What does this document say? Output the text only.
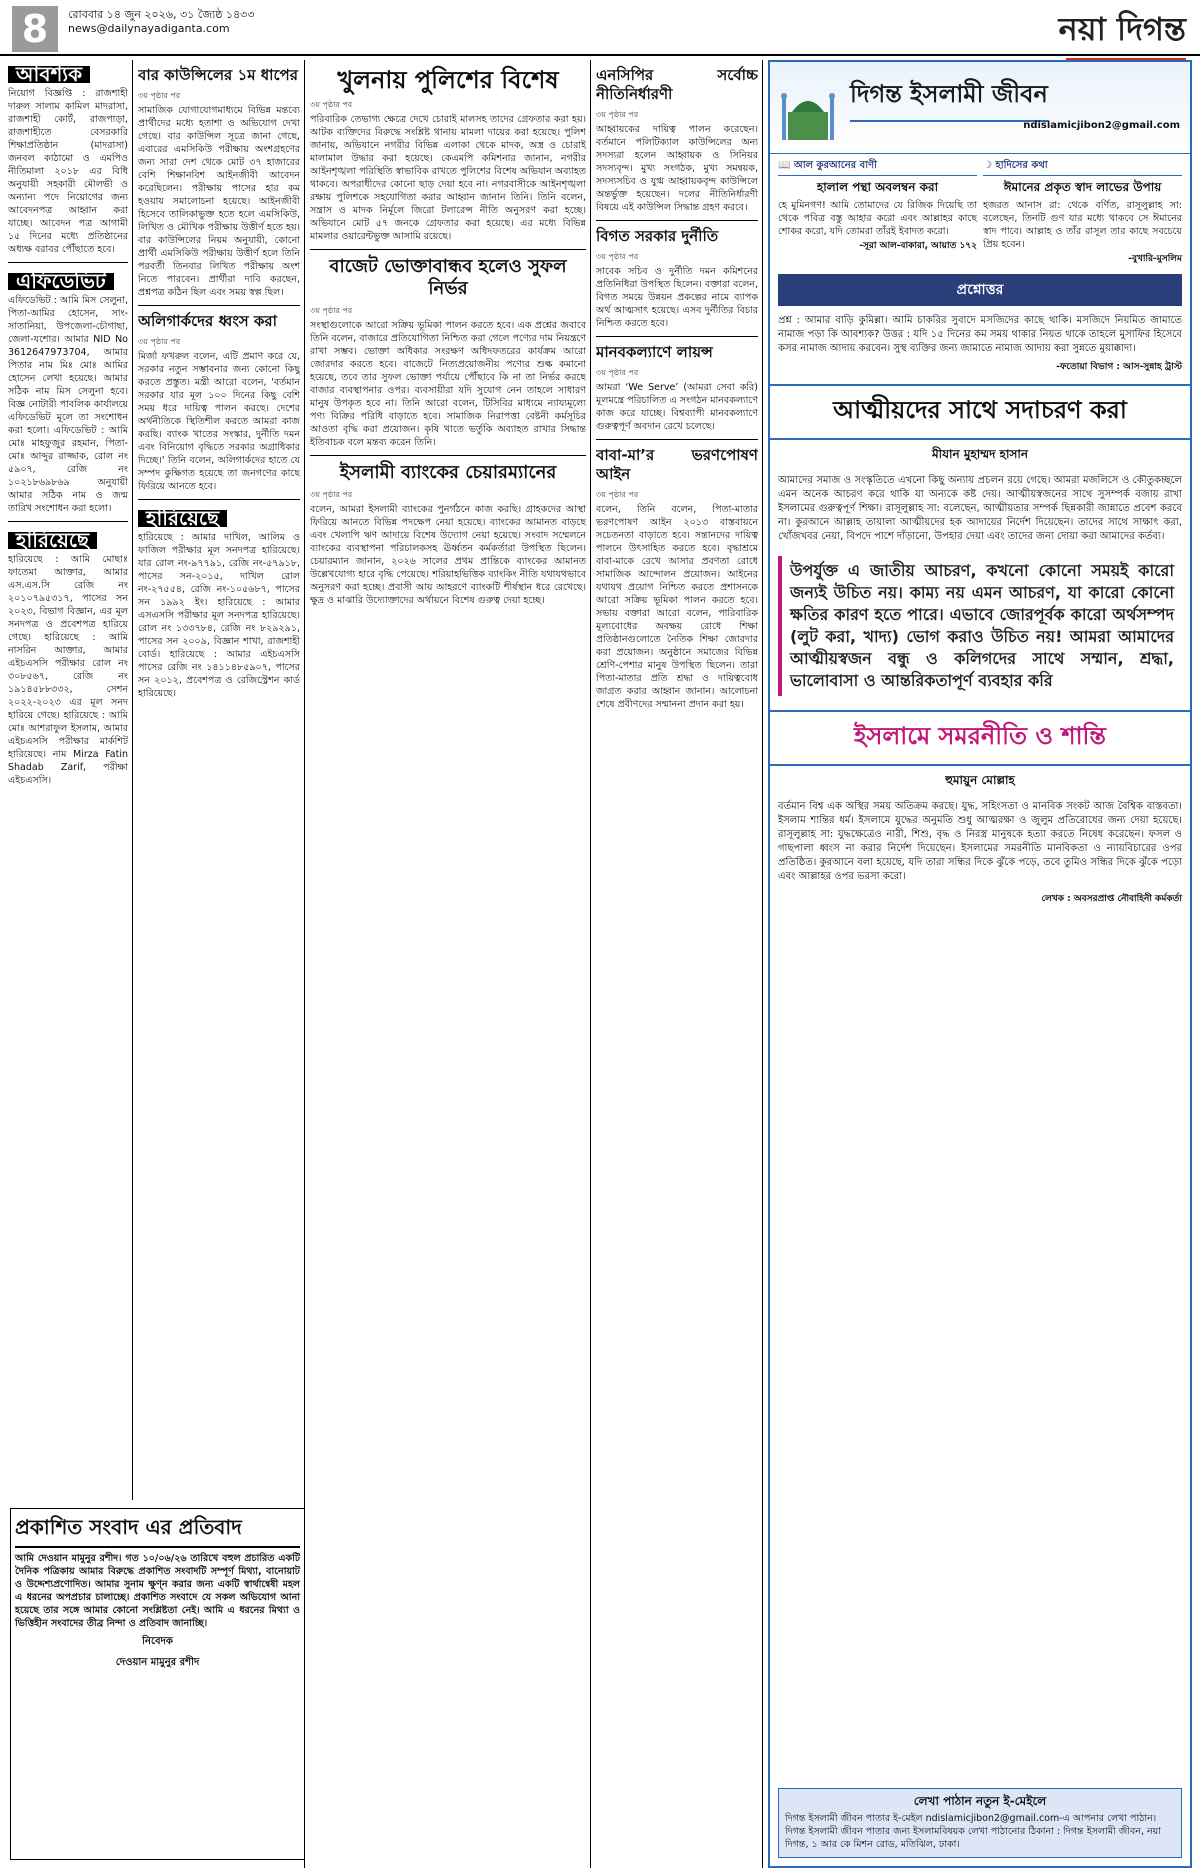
8	রোববার ১৪ জুন ২০২৬, ৩১ জ্যৈষ্ঠ ১৪৩৩
news@dailynayadiganta.com	নয়া দিগন্ত
আবশ্যক

নিয়োগ বিজ্ঞপ্তি : রাজশাহী দারুল সালাম কামিল মাদরাসা, রাজশাহী কোর্ট, রাজপাড়া, রাজশাহীতে বেসরকারি শিক্ষাপ্রতিষ্ঠান (মাদরাসা) জনবল কাঠামো ও এমপিও নীতিমালা ২০১৮ এর বিধি অনুযায়ী সহকারী মৌলভী ও অন্যান্য পদে নিয়োগের জন্য আবেদনপত্র আহ্বান করা যাচ্ছে। আবেদন পত্র আগামী ১৫ দিনের মধ্যে প্রতিষ্ঠানের অধ্যক্ষ বরাবর পৌঁছাতে হবে।

এফিডেভিট

এফিডেভিট : আমি মিস সেলুনা, পিতা-আমির হোসেন, সাং-সাতানিয়া, উপজেলা-চৌগাছা, জেলা-যশোর। আমার NID No 3612647973704, আমার পিতার নাম মিঃ মোঃ আমির হোসেন লেখা হয়েছে। আমার সঠিক নাম মিস সেলুনা হবে। বিজ্ঞ নোটারী পাবলিক কার্যালয়ে এফিডেভিট মূলে তা সংশোধন করা হলো। এফিডেভিট : আমি মোঃ মাহফুজুর রহমান, পিতা-মোঃ আব্দুর রাজ্জাক, রোল নং ৫৯০৭, রেজি নং ১০২১৮৬৯৮৬৯ অনুযায়ী আমার সঠিক নাম ও জন্ম তারিখ সংশোধন করা হলো।

হারিয়েছে

হারিয়েছে : আমি মোছাঃ ফাতেমা আক্তার, আমার এস.এস.সি রেজি নং ২০১০৭৯৫৩১৭, পাসের সন ২০২৩, বিভাগ বিজ্ঞান, এর মূল সনদপত্র ও প্রবেশপত্র হারিয়ে গেছে। হারিয়েছে : আমি নাসরিন আক্তার, আমার এইচএসসি পরীক্ষার রোল নং ৩০৮৫৬৭, রেজি নং ১৯১৪৫৮৮৩৩২, সেশন ২০২২-২০২৩ এর মূল সনদ হারিয়ে গেছে। হারিয়েছে : আমি মোঃ আশরাফুল ইসলাম, আমার এইচএসসি পরীক্ষার মার্কশিট হারিয়েছে। নাম Mirza Fatin Shadab Zarif, পরীক্ষা এইচএসসি।

বার কাউন্সিলের ১ম ধাপের
৩য় পৃষ্ঠার পর

সামাজিক যোগাযোগমাধ্যমে বিভিন্ন মন্তব্যে প্রার্থীদের মধ্যে হতাশা ও অভিযোগ দেখা গেছে। বার কাউন্সিল সূত্রে জানা গেছে, এবারের এমসিকিউ পরীক্ষায় অংশগ্রহণের জন্য সারা দেশ থেকে মোট ৩৭ হাজারের বেশি শিক্ষানবিশ আইনজীবী আবেদন করেছিলেন। পরীক্ষায় পাসের হার কম হওয়ায় সমালোচনা হয়েছে। আইনজীবী হিসেবে তালিকাভুক্ত হতে হলে এমসিকিউ, লিখিত ও মৌখিক পরীক্ষায় উত্তীর্ণ হতে হয়। বার কাউন্সিলের নিয়ম অনুযায়ী, কোনো প্রার্থী এমসিকিউ পরীক্ষায় উত্তীর্ণ হলে তিনি পরবর্তী তিনবার লিখিত পরীক্ষায় অংশ নিতে পারবেন। প্রার্থীরা দাবি করছেন, প্রশ্নপত্র কঠিন ছিল এবং সময় স্বল্প ছিল।

অলিগার্কদের ধ্বংস করা
৩য় পৃষ্ঠার পর

মির্জা ফখরুল বলেন, এটি প্রমাণ করে যে, সরকার নতুন সম্ভাবনার জন্য কোনো কিছু করতে প্রস্তুত। মন্ত্রী আরো বলেন, 'বর্তমান সরকার যার মূল ১০০ দিনের কিছু বেশি সময় ধরে দায়িত্ব পালন করছে। দেশের অর্থনীতিকে স্থিতিশীল করতে আমরা কাজ করছি। ব্যাংক খাতের সংস্কার, দুর্নীতি দমন এবং বিনিয়োগ বৃদ্ধিতে সরকার অগ্রাধিকার দিচ্ছে।' তিনি বলেন, অলিগার্কদের হাতে যে সম্পদ কুক্ষিগত হয়েছে তা জনগণের কাছে ফিরিয়ে আনতে হবে।

হারিয়েছে

হারিয়েছে : আমার দাখিল, আলিম ও ফাজিল পরীক্ষার মূল সনদপত্র হারিয়েছে। যার রোল নং-৯৭৭৯১, রেজি নং-৫৭৯১৮, পাসের সন-২০১৫, দাখিল রোল নং-২৭৫৫৪, রেজি নং-১০৫৬৮৭, পাসের সন ১৯৯২ ইং। হারিয়েছে : আমার এসএসসি পরীক্ষার মূল সনদপত্র হারিয়েছে। রোল নং ১৩৩৭৮৪, রেজি নং ৮২৯২৯১, পাসের সন ২০০৯, বিজ্ঞান শাখা, রাজশাহী বোর্ড। হারিয়েছে : আমার এইচএসসি পাসের রেজি নং ১৪১১৪৮৫৯০৭, পাসের সন ২০১২, প্রবেশপত্র ও রেজিস্ট্রেশন কার্ড হারিয়েছে।

প্রকাশিত সংবাদ এর প্রতিবাদ
আমি দেওয়ান মামুনুর রশীদ। গত ১০/০৬/২৬ তারিখে বহুল প্রচারিত একটি দৈনিক পত্রিকায় আমার বিরুদ্ধে প্রকাশিত সংবাদটি সম্পূর্ণ মিথ্যা, বানোয়াট ও উদ্দেশ্যপ্রণোদিত। আমার সুনাম ক্ষুণ্ন করার জন্য একটি স্বার্থান্বেষী মহল এ ধরনের অপপ্রচার চালাচ্ছে। প্রকাশিত সংবাদে যে সকল অভিযোগ আনা হয়েছে তার সঙ্গে আমার কোনো সংশ্লিষ্টতা নেই। আমি এ ধরনের মিথ্যা ও ভিত্তিহীন সংবাদের তীব্র নিন্দা ও প্রতিবাদ জানাচ্ছি।
নিবেদক
দেওয়ান মামুনুর রশীদ
খুলনায় পুলিশের বিশেষ
৩য় পৃষ্ঠার পর

পরিবারিক তেভাগ্য ক্ষেত্রে দেখে চোরাই মালসহ তাদের গ্রেফতার করা হয়। আটক ব্যক্তিদের বিরুদ্ধে সংশ্লিষ্ট থানায় মামলা দায়ের করা হয়েছে। পুলিশ জানায়, অভিযানে নগরীর বিভিন্ন এলাকা থেকে মাদক, অস্ত্র ও চোরাই মালামাল উদ্ধার করা হয়েছে। কেএমপি কমিশনার জানান, নগরীর আইনশৃঙ্খলা পরিস্থিতি স্বাভাবিক রাখতে পুলিশের বিশেষ অভিযান অব্যাহত থাকবে। অপরাধীদের কোনো ছাড় দেয়া হবে না। নগরবাসীকে আইনশৃঙ্খলা রক্ষায় পুলিশকে সহযোগিতা করার আহ্বান জানান তিনি। তিনি বলেন, সন্ত্রাস ও মাদক নির্মূলে জিরো টলারেন্স নীতি অনুসরণ করা হচ্ছে। অভিযানে মোট ৫৭ জনকে গ্রেফতার করা হয়েছে। এর মধ্যে বিভিন্ন মামলার ওয়ারেন্টভুক্ত আসামি রয়েছে।

বাজেট ভোক্তাবান্ধব হলেও সুফল নির্ভর
৩য় পৃষ্ঠার পর

সংস্থাগুলোকে আরো সক্রিয় ভূমিকা পালন করতে হবে। এক প্রশ্নের জবাবে তিনি বলেন, বাজারে প্রতিযোগিতা নিশ্চিত করা গেলে পণ্যের দাম নিয়ন্ত্রণে রাখা সম্ভব। ভোক্তা অধিকার সংরক্ষণ অধিদফতরের কার্যক্রম আরো জোরদার করতে হবে। বাজেটে নিত্যপ্রয়োজনীয় পণ্যের শুল্ক কমানো হয়েছে, তবে তার সুফল ভোক্তা পর্যায়ে পৌঁছাবে কি না তা নির্ভর করছে বাজার ব্যবস্থাপনার ওপর। ব্যবসায়ীরা যদি সুযোগ নেন তাহলে সাধারণ মানুষ উপকৃত হবে না। তিনি আরো বলেন, টিসিবির মাধ্যমে ন্যায্যমূল্যে পণ্য বিক্রির পরিধি বাড়াতে হবে। সামাজিক নিরাপত্তা বেষ্টনী কর্মসূচির আওতা বৃদ্ধি করা প্রয়োজন। কৃষি খাতে ভর্তুকি অব্যাহত রাখার সিদ্ধান্ত ইতিবাচক বলে মন্তব্য করেন তিনি।

ইসলামী ব্যাংকের চেয়ারম্যানের
৩য় পৃষ্ঠার পর

বলেন, আমরা ইসলামী ব্যাংকের পুনর্গঠনে কাজ করছি। গ্রাহকদের আস্থা ফিরিয়ে আনতে বিভিন্ন পদক্ষেপ নেয়া হয়েছে। ব্যাংকের আমানত বাড়ছে এবং খেলাপি ঋণ আদায়ে বিশেষ উদ্যোগ নেয়া হয়েছে। সংবাদ সম্মেলনে ব্যাংকের ব্যবস্থাপনা পরিচালকসহ ঊর্ধ্বতন কর্মকর্তারা উপস্থিত ছিলেন। চেয়ারম্যান জানান, ২০২৬ সালের প্রথম প্রান্তিকে ব্যাংকের আমানত উল্লেখযোগ্য হারে বৃদ্ধি পেয়েছে। শরিয়াহভিত্তিক ব্যাংকিং নীতি যথাযথভাবে অনুসরণ করা হচ্ছে। প্রবাসী আয় আহরণে ব্যাংকটি শীর্ষস্থান ধরে রেখেছে। ক্ষুদ্র ও মাঝারি উদ্যোক্তাদের অর্থায়নে বিশেষ গুরুত্ব দেয়া হচ্ছে।

এনসিপির সর্বোচ্চ নীতিনির্ধারণী
৩য় পৃষ্ঠার পর

আহ্বায়কের দায়িত্ব পালন করেছেন। বর্তমানে পলিটিক্যাল কাউন্সিলের অন্য সদস্যরা হলেন আহ্বায়ক ও সিনিয়র সদস্যবৃন্দ। মুখ্য সংগঠক, মুখ্য সমন্বয়ক, সদস্যসচিব ও যুগ্ম আহ্বায়কবৃন্দ কাউন্সিলে অন্তর্ভুক্ত হয়েছেন। দলের নীতিনির্ধারণী বিষয়ে এই কাউন্সিল সিদ্ধান্ত গ্রহণ করবে।

বিগত সরকার দুর্নীতি
৩য় পৃষ্ঠার পর

সাবেক সচিব ও দুর্নীতি দমন কমিশনের প্রতিনিধিরা উপস্থিত ছিলেন। বক্তারা বলেন, বিগত সময়ে উন্নয়ন প্রকল্পের নামে ব্যাপক অর্থ আত্মসাৎ হয়েছে। এসব দুর্নীতির বিচার নিশ্চিত করতে হবে।

মানবকল্যাণে লায়ন্স
৩য় পৃষ্ঠার পর

আমরা ‘We Serve’ (আমরা সেবা করি) মূলমন্ত্রে পরিচালিত এ সংগঠন মানবকল্যাণে কাজ করে যাচ্ছে। বিশ্বব্যাপী মানবকল্যাণে গুরুত্বপূর্ণ অবদান রেখে চলেছে।

বাবা-মা’র ভরণপোষণ আইন
৩য় পৃষ্ঠার পর

বলেন, তিনি বলেন, পিতা-মাতার ভরণপোষণ আইন ২০১৩ বাস্তবায়নে সচেতনতা বাড়াতে হবে। সন্তানদের দায়িত্ব পালনে উৎসাহিত করতে হবে। বৃদ্ধাশ্রমে বাবা-মাকে রেখে আসার প্রবণতা রোধে সামাজিক আন্দোলন প্রয়োজন। আইনের যথাযথ প্রয়োগ নিশ্চিত করতে প্রশাসনকে আরো সক্রিয় ভূমিকা পালন করতে হবে। সভায় বক্তারা আরো বলেন, পারিবারিক মূল্যবোধের অবক্ষয় রোধে শিক্ষা প্রতিষ্ঠানগুলোতে নৈতিক শিক্ষা জোরদার করা প্রয়োজন। অনুষ্ঠানে সমাজের বিভিন্ন শ্রেণি-পেশার মানুষ উপস্থিত ছিলেন। তারা পিতা-মাতার প্রতি শ্রদ্ধা ও দায়িত্ববোধ জাগ্রত করার আহ্বান জানান। আলোচনা শেষে প্রবীণদের সম্মাননা প্রদান করা হয়।

দিগন্ত ইসলামী জীবন
ndislamicjibon2@gmail.com
📖 আল কুরআনের বাণী
হালাল পন্থা অবলম্বন করা
হে মুমিনগণ! আমি তোমাদের যে রিজিক দিয়েছি তা থেকে পবিত্র বস্তু আহার করো এবং আল্লাহর কাছে শোকর করো, যদি তোমরা তাঁরই ইবাদত করো।
-সূরা আল-বাকারা, আয়াত ১৭২
☽ হাদিসের কথা
ঈমানের প্রকৃত স্বাদ লাভের উপায়
হজরত আনাস রা: থেকে বর্ণিত, রাসূলুল্লাহ সা: বলেছেন, তিনটি গুণ যার মধ্যে থাকবে সে ঈমানের স্বাদ পাবে। আল্লাহ ও তাঁর রাসূল তার কাছে সবচেয়ে প্রিয় হবেন।
-বুখারি-মুসলিম
প্রশ্নোত্তর
প্রশ্ন : আমার বাড়ি কুমিল্লা। আমি চাকরির সুবাদে মসজিদের কাছে থাকি। মসজিদে নিয়মিত জামাতে নামাজ পড়া কি আবশ্যক? উত্তর : যদি ১৫ দিনের কম সময় থাকার নিয়ত থাকে তাহলে মুসাফির হিসেবে কসর নামাজ আদায় করবেন। সুস্থ ব্যক্তির জন্য জামাতে নামাজ আদায় করা সুন্নতে মুয়াক্কাদা।
-ফতোয়া বিভাগ : আস-সুন্নাহ ট্রাস্ট
আত্মীয়দের সাথে সদাচরণ করা
মীযান মুহাম্মদ হাসান
আমাদের সমাজ ও সংস্কৃতিতে এখনো কিছু অন্যায় প্রচলন রয়ে গেছে। আমরা মজলিসে ও কৌতুকচ্ছলে এমন অনেক আচরণ করে থাকি যা অন্যকে কষ্ট দেয়। আত্মীয়স্বজনের সাথে সুসম্পর্ক বজায় রাখা ইসলামের গুরুত্বপূর্ণ শিক্ষা। রাসূলুল্লাহ সা: বলেছেন, আত্মীয়তার সম্পর্ক ছিন্নকারী জান্নাতে প্রবেশ করবে না। কুরআনে আল্লাহ তায়ালা আত্মীয়দের হক আদায়ের নির্দেশ দিয়েছেন। তাদের সাথে সাক্ষাৎ করা, খোঁজখবর নেয়া, বিপদে পাশে দাঁড়ানো, উপহার দেয়া এবং তাদের জন্য দোয়া করা আমাদের কর্তব্য।
উপর্যুক্ত এ জাতীয় আচরণ, কখনো কোনো সময়ই কারো জন্যই উচিত নয়। কাম্য নয় এমন আচরণ, যা কারো কোনো ক্ষতির কারণ হতে পারে। এভাবে জোরপূর্বক কারো অর্থসম্পদ (লুট করা, খাদ্য) ভোগ করাও উচিত নয়! আমরা আমাদের আত্মীয়স্বজন বন্ধু ও কলিগদের সাথে সম্মান, শ্রদ্ধা, ভালোবাসা ও আন্তরিকতাপূর্ণ ব্যবহার করি
ইসলামে সমরনীতি ও শান্তি
হুমায়ুন মোল্লাহ
বর্তমান বিশ্ব এক অস্থির সময় অতিক্রম করছে। যুদ্ধ, সহিংসতা ও মানবিক সংকট আজ বৈশ্বিক বাস্তবতা। ইসলাম শান্তির ধর্ম। ইসলামে যুদ্ধের অনুমতি শুধু আত্মরক্ষা ও জুলুম প্রতিরোধের জন্য দেয়া হয়েছে। রাসূলুল্লাহ সা: যুদ্ধক্ষেত্রেও নারী, শিশু, বৃদ্ধ ও নিরস্ত্র মানুষকে হত্যা করতে নিষেধ করেছেন। ফসল ও গাছপালা ধ্বংস না করার নির্দেশ দিয়েছেন। ইসলামের সমরনীতি মানবিকতা ও ন্যায়বিচারের ওপর প্রতিষ্ঠিত। কুরআনে বলা হয়েছে, যদি তারা সন্ধির দিকে ঝুঁকে পড়ে, তবে তুমিও সন্ধির দিকে ঝুঁকে পড়ো এবং আল্লাহর ওপর ভরসা করো।
লেখক : অবসরপ্রাপ্ত নৌবাহিনী কর্মকর্তা
লেখা পাঠান নতুন ই-মেইলে
দিগন্ত ইসলামী জীবন পাতার ই-মেইল ndislamicjibon2@gmail.com-এ আপনার লেখা পাঠান। দিগন্ত ইসলামী জীবন পাতার জন্য ইসলামবিষয়ক লেখা পাঠানোর ঠিকানা : দিগন্ত ইসলামী জীবন, নয়া দিগন্ত, ১ আর কে মিশন রোড, মতিঝিল, ঢাকা।
